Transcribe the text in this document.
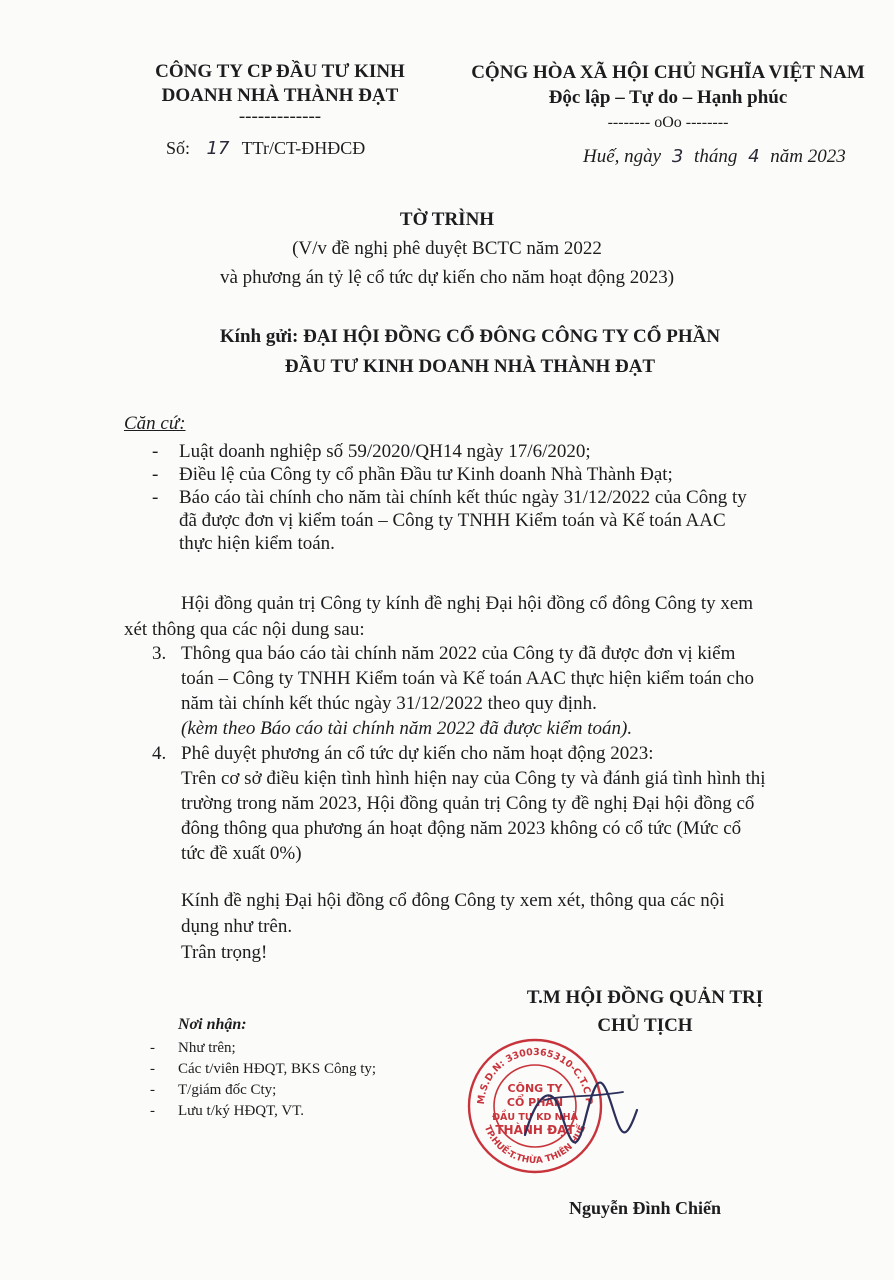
CÔNG TY CP ĐẦU TƯ KINH
DOANH NHÀ THÀNH ĐẠT
-------------
Số: 17 TTr/CT-ĐHĐCĐ
CỘNG HÒA XÃ HỘI CHỦ NGHĨA VIỆT NAM
Độc lập – Tự do – Hạnh phúc
-------- oOo --------
Huế, ngày 3 tháng 4 năm 2023
TỜ TRÌNH
(V/v đề nghị phê duyệt BCTC năm 2022
và phương án tỷ lệ cổ tức dự kiến cho năm hoạt động 2023)
Kính gửi: ĐẠI HỘI ĐỒNG CỔ ĐÔNG CÔNG TY CỔ PHẦN
ĐẦU TƯ KINH DOANH NHÀ THÀNH ĐẠT
Căn cứ:
- Luật doanh nghiệp số 59/2020/QH14 ngày 17/6/2020;
- Điều lệ của Công ty cổ phần Đầu tư Kinh doanh Nhà Thành Đạt;
- Báo cáo tài chính cho năm tài chính kết thúc ngày 31/12/2022 của Công ty
đã được đơn vị kiểm toán – Công ty TNHH Kiểm toán và Kế toán AAC
thực hiện kiểm toán.
Hội đồng quản trị Công ty kính đề nghị Đại hội đồng cổ đông Công ty xem
xét thông qua các nội dung sau:
3. Thông qua báo cáo tài chính năm 2022 của Công ty đã được đơn vị kiểm
toán – Công ty TNHH Kiểm toán và Kế toán AAC thực hiện kiểm toán cho
năm tài chính kết thúc ngày 31/12/2022 theo quy định.
(kèm theo Báo cáo tài chính năm 2022 đã được kiểm toán).
4. Phê duyệt phương án cổ tức dự kiến cho năm hoạt động 2023:
Trên cơ sở điều kiện tình hình hiện nay của Công ty và đánh giá tình hình thị
trường trong năm 2023, Hội đồng quản trị Công ty đề nghị Đại hội đồng cổ
đông thông qua phương án hoạt động năm 2023 không có cổ tức (Mức cổ
tức đề xuất 0%)
Kính đề nghị Đại hội đồng cổ đông Công ty xem xét, thông qua các nội
dụng như trên.
Trân trọng!
T.M HỘI ĐỒNG QUẢN TRỊ
CHỦ TỊCH
M.S.D.N: 3300365310-C.T.C.P
TP.HUẾ-T.THỪA THIÊN HUẾ
CÔNG TY
CỔ PHẦN
ĐẦU TƯ KD NHÀ
THÀNH ĐẠT
Nguyễn Đình Chiến
Nơi nhận:
- Như trên;
- Các t/viên HĐQT, BKS Công ty;
- T/giám đốc Cty;
- Lưu t/ký HĐQT, VT.
